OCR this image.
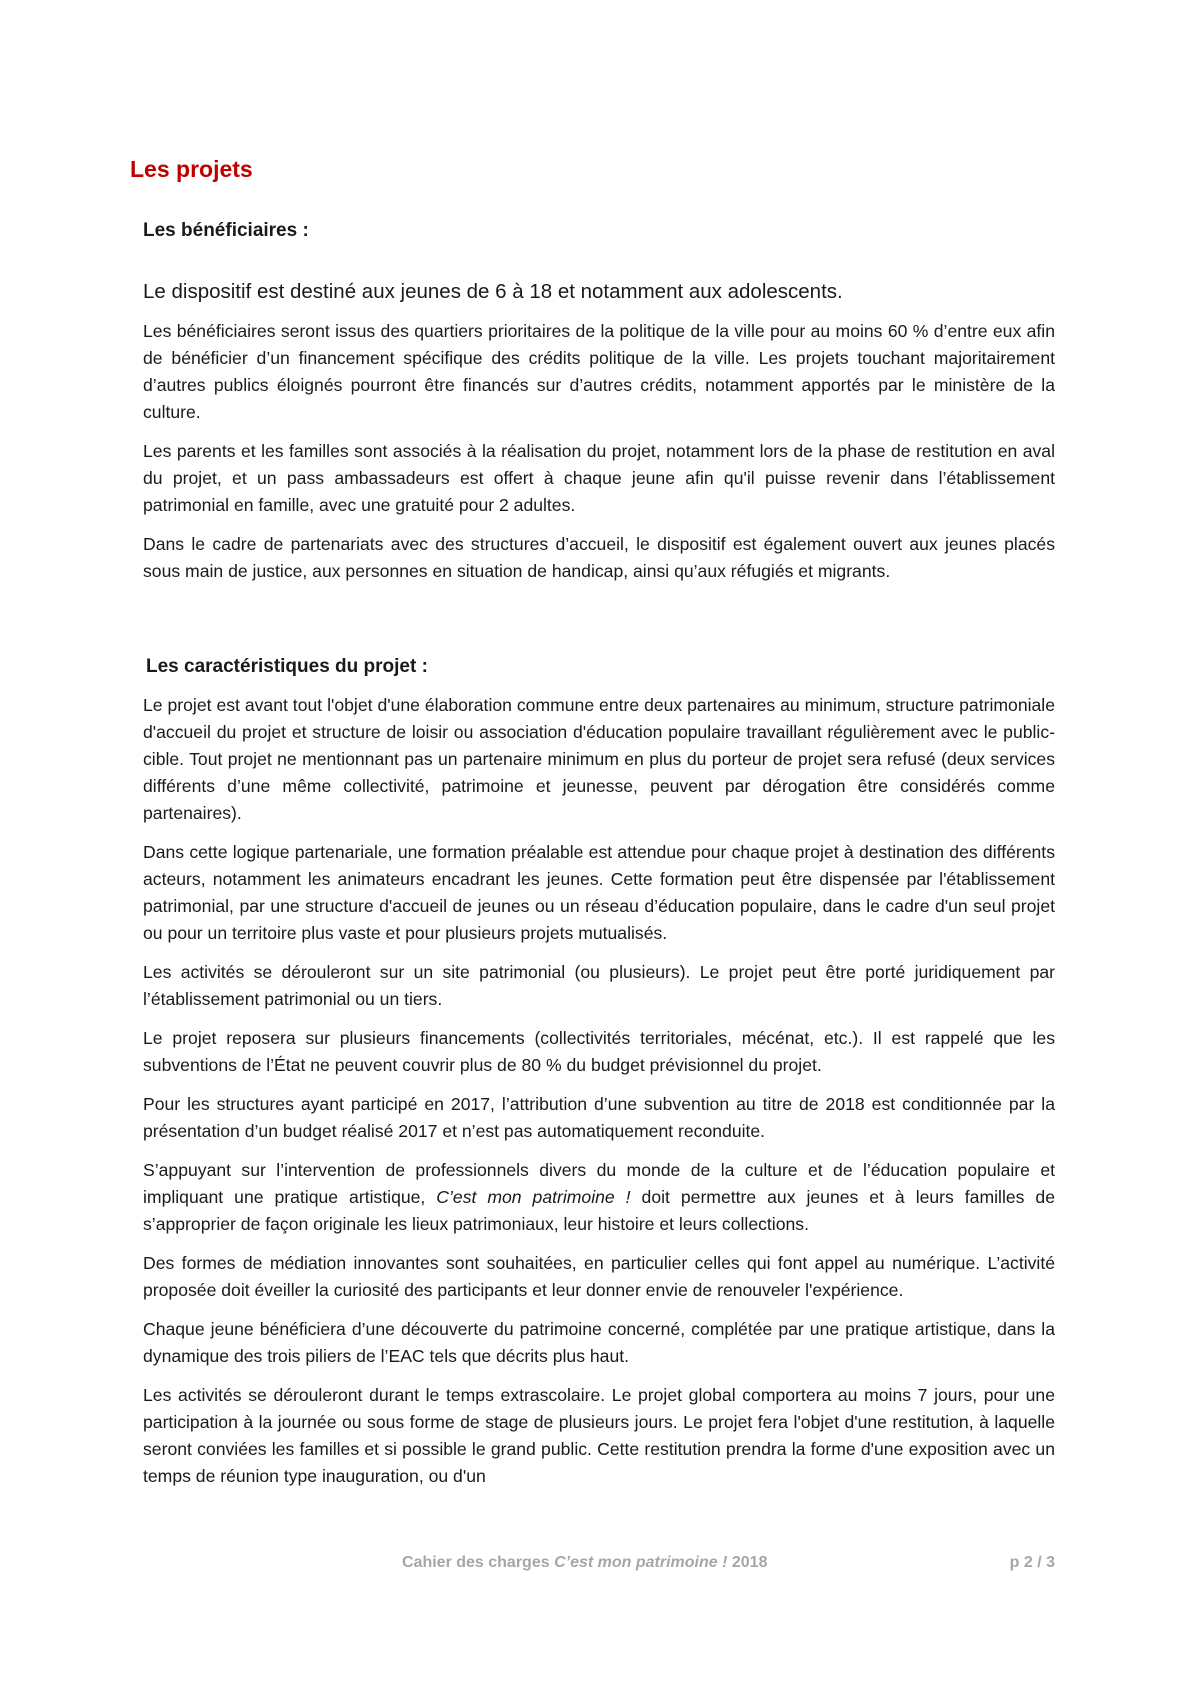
Les projets
Les bénéficiaires :

Le dispositif est destiné aux jeunes de 6 à 18 et notamment aux adolescents.

Les bénéficiaires seront issus des quartiers prioritaires de la politique de la ville pour au moins 60 % d’entre eux afin de bénéficier d’un financement spécifique des crédits politique de la ville. Les projets touchant majoritairement d’autres publics éloignés pourront être financés sur d’autres crédits, notamment apportés par le ministère de la culture.

Les parents et les familles sont associés à la réalisation du projet, notamment lors de la phase de restitution en aval du projet, et un pass ambassadeurs est offert à chaque jeune afin qu'il puisse revenir dans l’établissement patrimonial en famille, avec une gratuité pour 2 adultes.

Dans le cadre de partenariats avec des structures d’accueil, le dispositif est également ouvert aux jeunes placés sous main de justice, aux personnes en situation de handicap, ainsi qu’aux réfugiés et migrants.

Les caractéristiques du projet :

Le projet est avant tout l'objet d'une élaboration commune entre deux partenaires au minimum, structure patrimoniale d'accueil du projet et structure de loisir ou association d'éducation populaire travaillant régulièrement avec le public-cible. Tout projet ne mentionnant pas un partenaire minimum en plus du porteur de projet sera refusé (deux services différents d’une même collectivité, patrimoine et jeunesse, peuvent par dérogation être considérés comme partenaires).

Dans cette logique partenariale, une formation préalable est attendue pour chaque projet à destination des différents acteurs, notamment les animateurs encadrant les jeunes. Cette formation peut être dispensée par l'établissement patrimonial, par une structure d'accueil de jeunes ou un réseau d’éducation populaire, dans le cadre d'un seul projet ou pour un territoire plus vaste et pour plusieurs projets mutualisés.

Les activités se dérouleront sur un site patrimonial (ou plusieurs). Le projet peut être porté juridiquement par l’établissement patrimonial ou un tiers.

Le projet reposera sur plusieurs financements (collectivités territoriales, mécénat, etc.). Il est rappelé que les subventions de l’État ne peuvent couvrir plus de 80 % du budget prévisionnel du projet.

Pour les structures ayant participé en 2017, l’attribution d’une subvention au titre de 2018 est conditionnée par la présentation d’un budget réalisé 2017 et n’est pas automatiquement reconduite.

S’appuyant sur l’intervention de professionnels divers du monde de la culture et de l’éducation populaire et impliquant une pratique artistique, C’est mon patrimoine ! doit permettre aux jeunes et à leurs familles de s’approprier de façon originale les lieux patrimoniaux, leur histoire et leurs collections.

Des formes de médiation innovantes sont souhaitées, en particulier celles qui font appel au numérique. L’activité proposée doit éveiller la curiosité des participants et leur donner envie de renouveler l'expérience.

Chaque jeune bénéficiera d’une découverte du patrimoine concerné, complétée par une pratique artistique, dans la dynamique des trois piliers de l’EAC tels que décrits plus haut.

Les activités se dérouleront durant le temps extrascolaire. Le projet global comportera au moins 7 jours, pour une participation à la journée ou sous forme de stage de plusieurs jours. Le projet fera l'objet d'une restitution, à laquelle seront conviées les familles et si possible le grand public. Cette restitution prendra la forme d'une exposition avec un temps de réunion type inauguration, ou d'un

Cahier des charges C’est mon patrimoine ! 2018	p 2 / 3
